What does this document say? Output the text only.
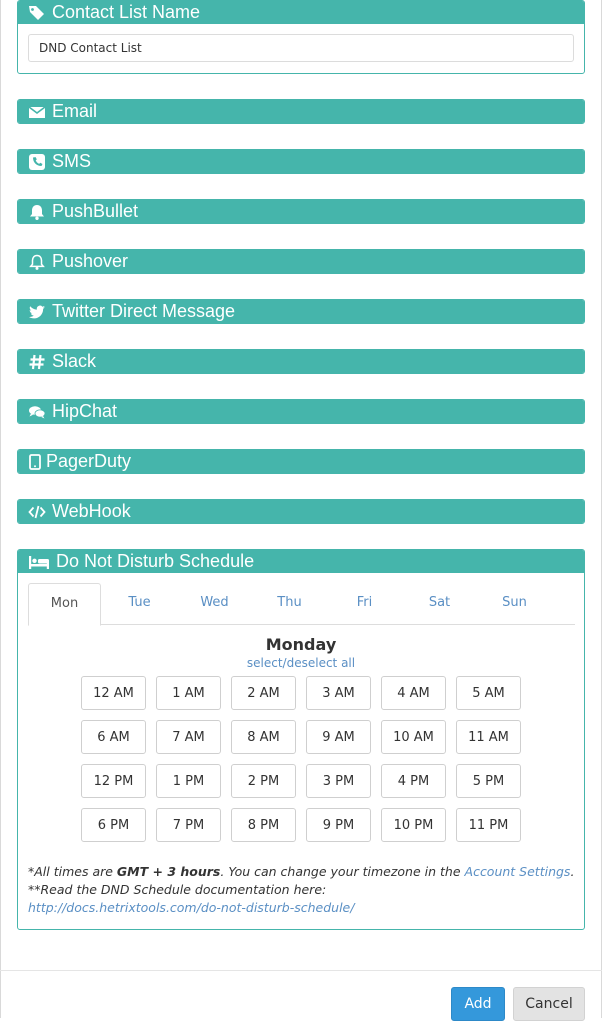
Contact List Name
DND Contact List
Email
SMS
PushBullet
Pushover
Twitter Direct Message
Slack
HipChat
PagerDuty
WebHook
Do Not Disturb Schedule
Mon	Tue	Wed	Thu	Fri	Sat	Sun
Monday
select/deselect all
12 AM	1 AM	2 AM	3 AM	4 AM	5 AM
6 AM	7 AM	8 AM	9 AM	10 AM	11 AM
12 PM	1 PM	2 PM	3 PM	4 PM	5 PM
6 PM	7 PM	8 PM	9 PM	10 PM	11 PM
*All times are GMT + 3 hours. You can change your timezone in the Account Settings.
**Read the DND Schedule documentation here:
http://docs.hetrixtools.com/do-not-disturb-schedule/
Add	Cancel
